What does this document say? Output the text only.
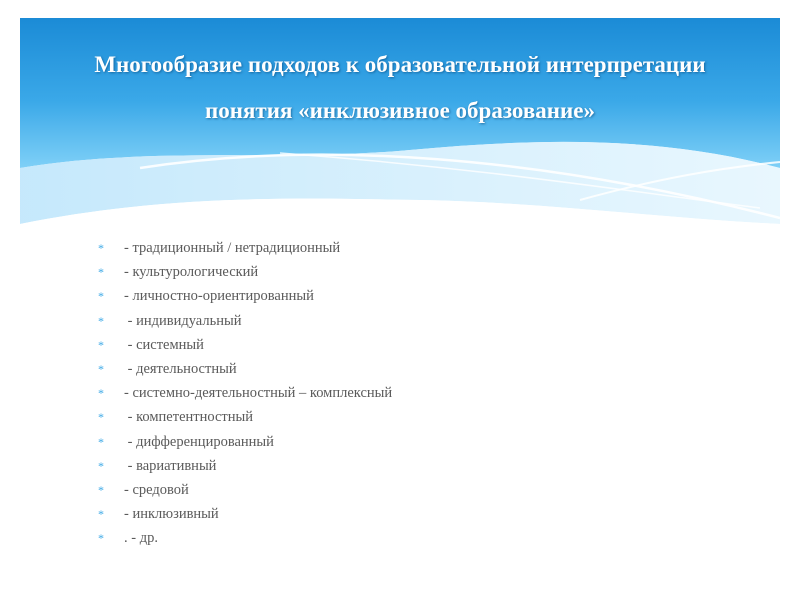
Многообразие подходов к образовательной интерпретации понятия «инклюзивное образование»
* - традиционный / нетрадиционный
* - культурологический
* - личностно-ориентированный
* - индивидуальный
* - системный
* - деятельностный
* - системно-деятельностный – комплексный
* - компетентностный
* - дифференцированный
* - вариативный
* - средовой
* - инклюзивный
* . - др.
